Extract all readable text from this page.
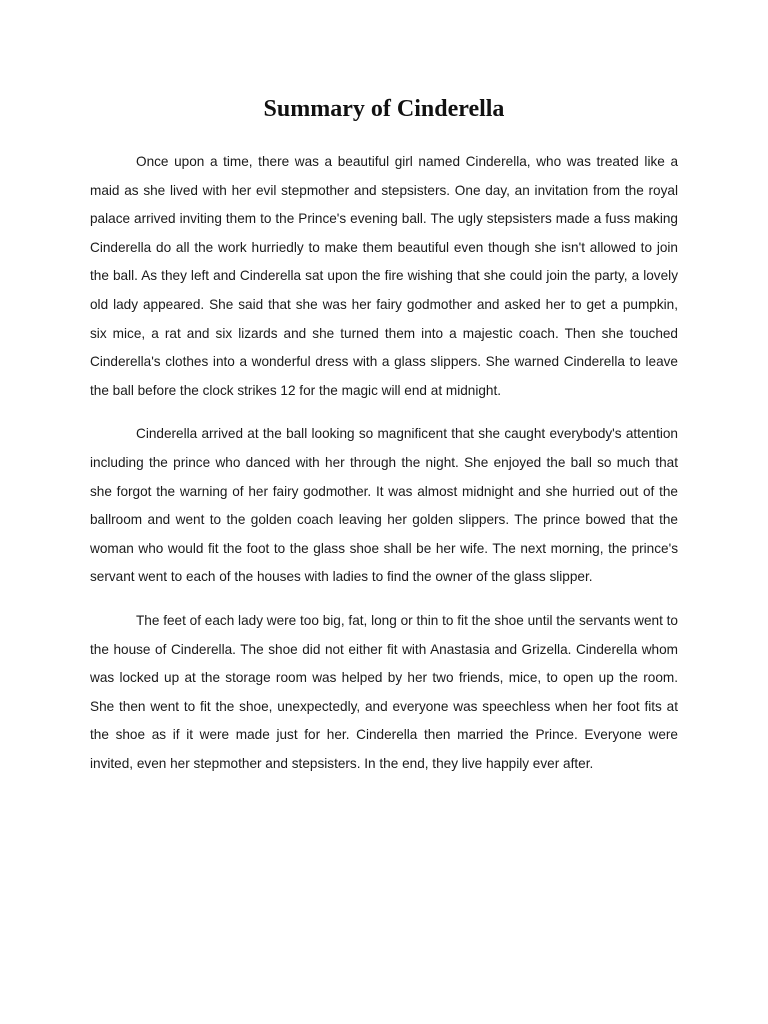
Summary of Cinderella

Once upon a time, there was a beautiful girl named Cinderella, who was treated like a maid as she lived with her evil stepmother and stepsisters. One day, an invitation from the royal palace arrived inviting them to the Prince's evening ball. The ugly stepsisters made a fuss making Cinderella do all the work hurriedly to make them beautiful even though she isn't allowed to join the ball. As they left and Cinderella sat upon the fire wishing that she could join the party, a lovely old lady appeared. She said that she was her fairy godmother and asked her to get a pumpkin, six mice, a rat and six lizards and she turned them into a majestic coach. Then she touched Cinderella's clothes into a wonderful dress with a glass slippers. She warned Cinderella to leave the ball before the clock strikes 12 for the magic will end at midnight.

Cinderella arrived at the ball looking so magnificent that she caught everybody's attention including the prince who danced with her through the night. She enjoyed the ball so much that she forgot the warning of her fairy godmother. It was almost midnight and she hurried out of the ballroom and went to the golden coach leaving her golden slippers. The prince bowed that the woman who would fit the foot to the glass shoe shall be her wife. The next morning, the prince's servant went to each of the houses with ladies to find the owner of the glass slipper.

The feet of each lady were too big, fat, long or thin to fit the shoe until the servants went to the house of Cinderella. The shoe did not either fit with Anastasia and Grizella. Cinderella whom was locked up at the storage room was helped by her two friends, mice, to open up the room. She then went to fit the shoe, unexpectedly, and everyone was speechless when her foot fits at the shoe as if it were made just for her. Cinderella then married the Prince. Everyone were invited, even her stepmother and stepsisters. In the end, they live happily ever after.
